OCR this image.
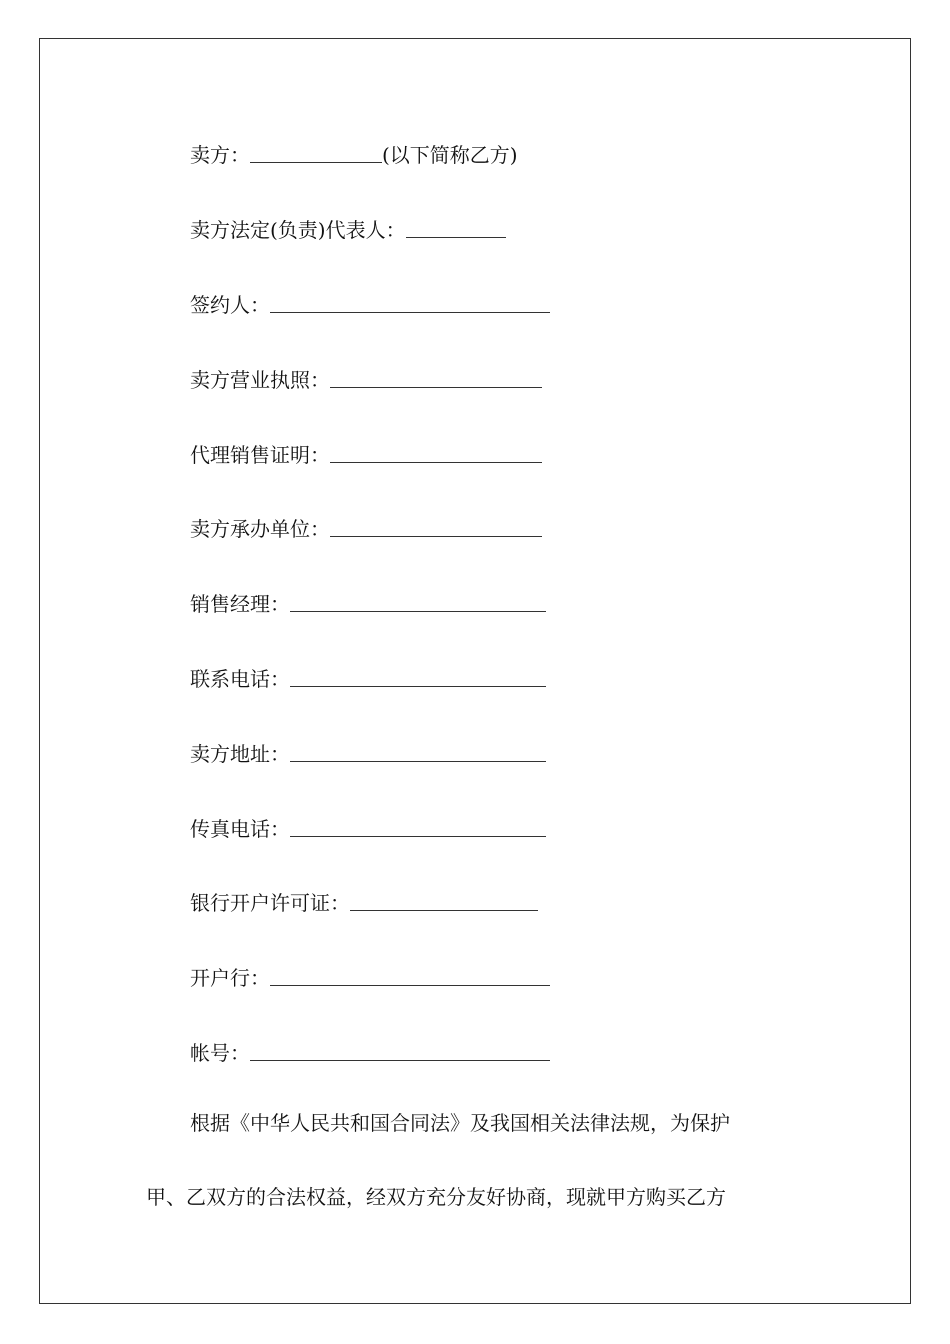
卖方：	(以下简称乙方)
卖方法定(负责)代表人：
签约人：
卖方营业执照：
代理销售证明：
卖方承办单位：
销售经理：
联系电话：
卖方地址：
传真电话：
银行开户许可证：
开户行：
帐号：
根据《中华人民共和国合同法》及我国相关法律法规，为保护
甲、乙双方的合法权益，经双方充分友好协商，现就甲方购买乙方
